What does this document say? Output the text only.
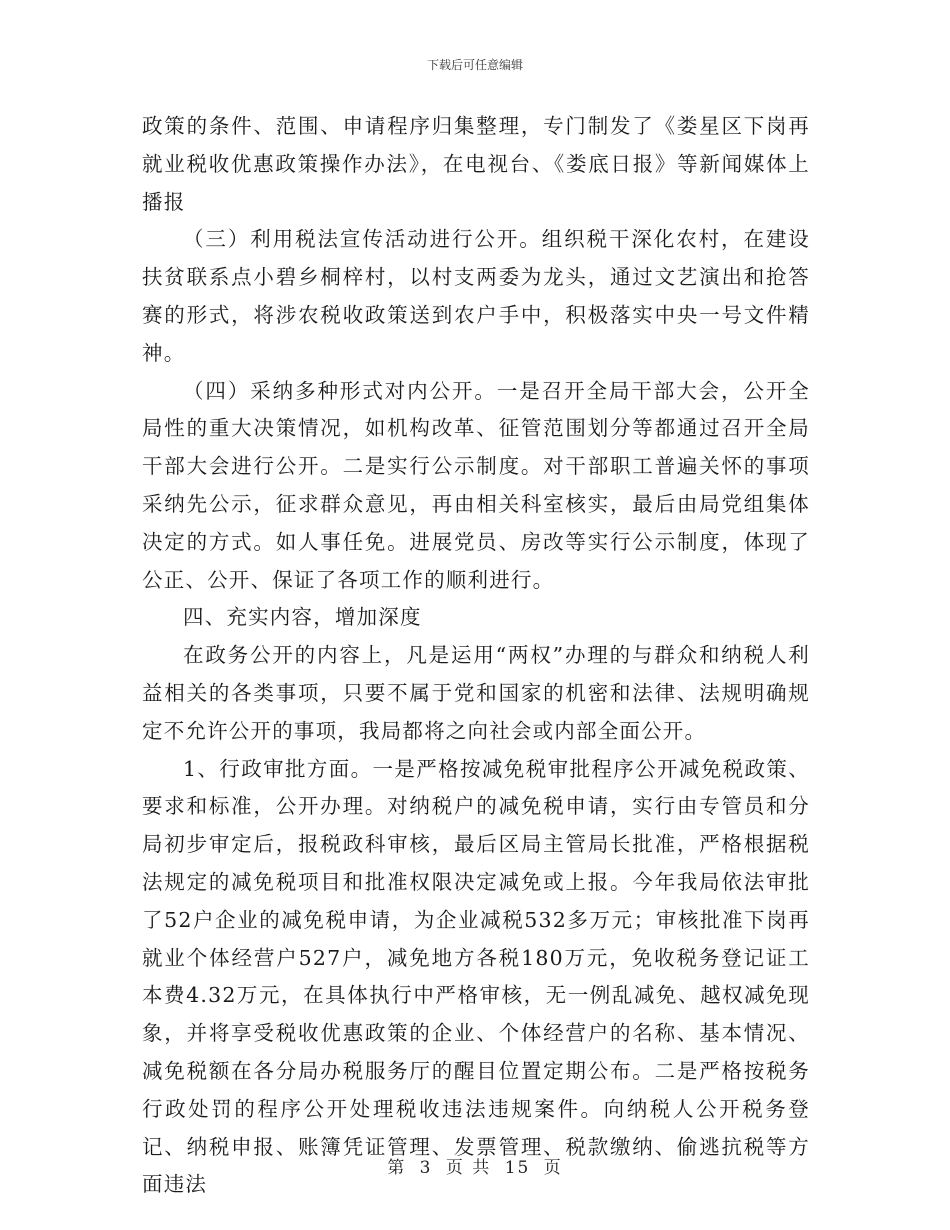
下载后可任意编辑

政策的条件、范围、申请程序归集整理，专门制发了《娄星区下岗再就业税收优惠政策操作办法》，在电视台、《娄底日报》等新闻媒体上播报

（三）利用税法宣传活动进行公开。组织税干深化农村，在建设扶贫联系点小碧乡桐梓村，以村支两委为龙头，通过文艺演出和抢答赛的形式，将涉农税收政策送到农户手中，积极落实中央一号文件精神。

（四）采纳多种形式对内公开。一是召开全局干部大会，公开全局性的重大决策情况，如机构改革、征管范围划分等都通过召开全局干部大会进行公开。二是实行公示制度。对干部职工普遍关怀的事项采纳先公示，征求群众意见，再由相关科室核实，最后由局党组集体决定的方式。如人事任免。进展党员、房改等实行公示制度，体现了公正、公开、保证了各项工作的顺利进行。

四、充实内容，增加深度

在政务公开的内容上，凡是运用“两权”办理的与群众和纳税人利益相关的各类事项，只要不属于党和国家的机密和法律、法规明确规定不允许公开的事项，我局都将之向社会或内部全面公开。

1、行政审批方面。一是严格按减免税审批程序公开减免税政策、要求和标准，公开办理。对纳税户的减免税申请，实行由专管员和分局初步审定后，报税政科审核，最后区局主管局长批准，严格根据税法规定的减免税项目和批准权限决定减免或上报。今年我局依法审批了52户企业的减免税申请，为企业减税532多万元；审核批准下岗再就业个体经营户527户，减免地方各税180万元，免收税务登记证工本费4.32万元，在具体执行中严格审核，无一例乱减免、越权减免现象，并将享受税收优惠政策的企业、个体经营户的名称、基本情况、减免税额在各分局办税服务厅的醒目位置定期公布。二是严格按税务行政处罚的程序公开处理税收违法违规案件。向纳税人公开税务登记、纳税申报、账簿凭证管理、发票管理、税款缴纳、偷逃抗税等方面违法

第 3 页 共 15 页
